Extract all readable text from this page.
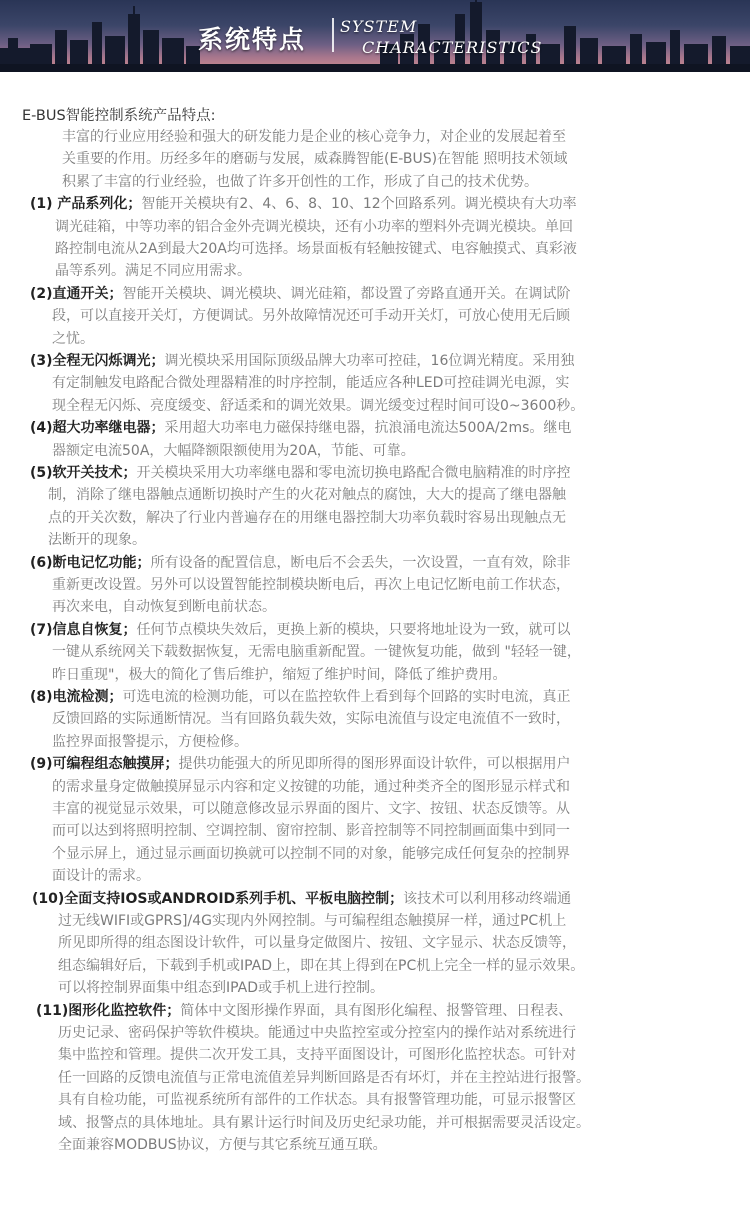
系统特点 SYSTEM
CHARACTERISTICS
E-BUS智能控制系统产品特点:
丰富的行业应用经验和强大的研发能力是企业的核心竞争力，对企业的发展起着至
关重要的作用。历经多年的磨砺与发展，威森腾智能(E-BUS)在智能 照明技术领域
积累了丰富的行业经验，也做了许多开创性的工作，形成了自己的技术优势。
(1) 产品系列化；智能开关模块有2、4、6、8、10、12个回路系列。调光模块有大功率
调光硅箱，中等功率的铝合金外壳调光模块，还有小功率的塑料外壳调光模块。单回
路控制电流从2A到最大20A均可选择。场景面板有轻触按键式、电容触摸式、真彩液
晶等系列。满足不同应用需求。
(2)直通开关；智能开关模块、调光模块、调光硅箱，都设置了旁路直通开关。在调试阶
段，可以直接开关灯，方便调试。另外故障情况还可手动开关灯，可放心使用无后顾
之忧。
(3)全程无闪烁调光；调光模块采用国际顶级品牌大功率可控硅，16位调光精度。采用独
有定制触发电路配合微处理器精准的时序控制，能适应各种LED可控硅调光电源，实
现全程无闪烁、亮度缓变、舒适柔和的调光效果。调光缓变过程时间可设0~3600秒。
(4)超大功率继电器；采用超大功率电力磁保持继电器，抗浪涌电流达500A/2ms。继电
器额定电流50A，大幅降额限额使用为20A，节能、可靠。
(5)软开关技术；开关模块采用大功率继电器和零电流切换电路配合微电脑精准的时序控
制，消除了继电器触点通断切换时产生的火花对触点的腐蚀，大大的提高了继电器触
点的开关次数，解决了行业内普遍存在的用继电器控制大功率负载时容易出现触点无
法断开的现象。
(6)断电记忆功能；所有设备的配置信息，断电后不会丢失，一次设置，一直有效，除非
重新更改设置。另外可以设置智能控制模块断电后，再次上电记忆断电前工作状态，
再次来电，自动恢复到断电前状态。
(7)信息自恢复；任何节点模块失效后，更换上新的模块，只要将地址设为一致，就可以
一键从系统网关下载数据恢复，无需电脑重新配置。一键恢复功能，做到 "轻轻一键，
昨日重现"，极大的简化了售后维护，缩短了维护时间，降低了维护费用。
(8)电流检测；可选电流的检测功能，可以在监控软件上看到每个回路的实时电流，真正
反馈回路的实际通断情况。当有回路负载失效，实际电流值与设定电流值不一致时，
监控界面报警提示，方便检修。
(9)可编程组态触摸屏；提供功能强大的所见即所得的图形界面设计软件，可以根据用户
的需求量身定做触摸屏显示内容和定义按键的功能，通过种类齐全的图形显示样式和
丰富的视觉显示效果，可以随意修改显示界面的图片、文字、按钮、状态反馈等。从
而可以达到将照明控制、空调控制、窗帘控制、影音控制等不同控制画面集中到同一
个显示屏上，通过显示画面切换就可以控制不同的对象，能够完成任何复杂的控制界
面设计的需求。
(10)全面支持IOS或ANDROID系列手机、平板电脑控制；该技术可以利用移动终端通
过无线WIFI或GPRS]/4G实现内外网控制。与可编程组态触摸屏一样，通过PC机上
所见即所得的组态图设计软件，可以量身定做图片、按钮、文字显示、状态反馈等，
组态编辑好后，下载到手机或IPAD上，即在其上得到在PC机上完全一样的显示效果。
可以将控制界面集中组态到IPAD或手机上进行控制。
(11)图形化监控软件；简体中文图形操作界面，具有图形化编程、报警管理、日程表、
历史记录、密码保护等软件模块。能通过中央监控室或分控室内的操作站对系统进行
集中监控和管理。提供二次开发工具，支持平面图设计，可图形化监控状态。可针对
任一回路的反馈电流值与正常电流值差异判断回路是否有坏灯，并在主控站进行报警。
具有自检功能，可监视系统所有部件的工作状态。具有报警管理功能，可显示报警区
域、报警点的具体地址。具有累计运行时间及历史纪录功能，并可根据需要灵活设定。
全面兼容MODBUS协议，方便与其它系统互通互联。
